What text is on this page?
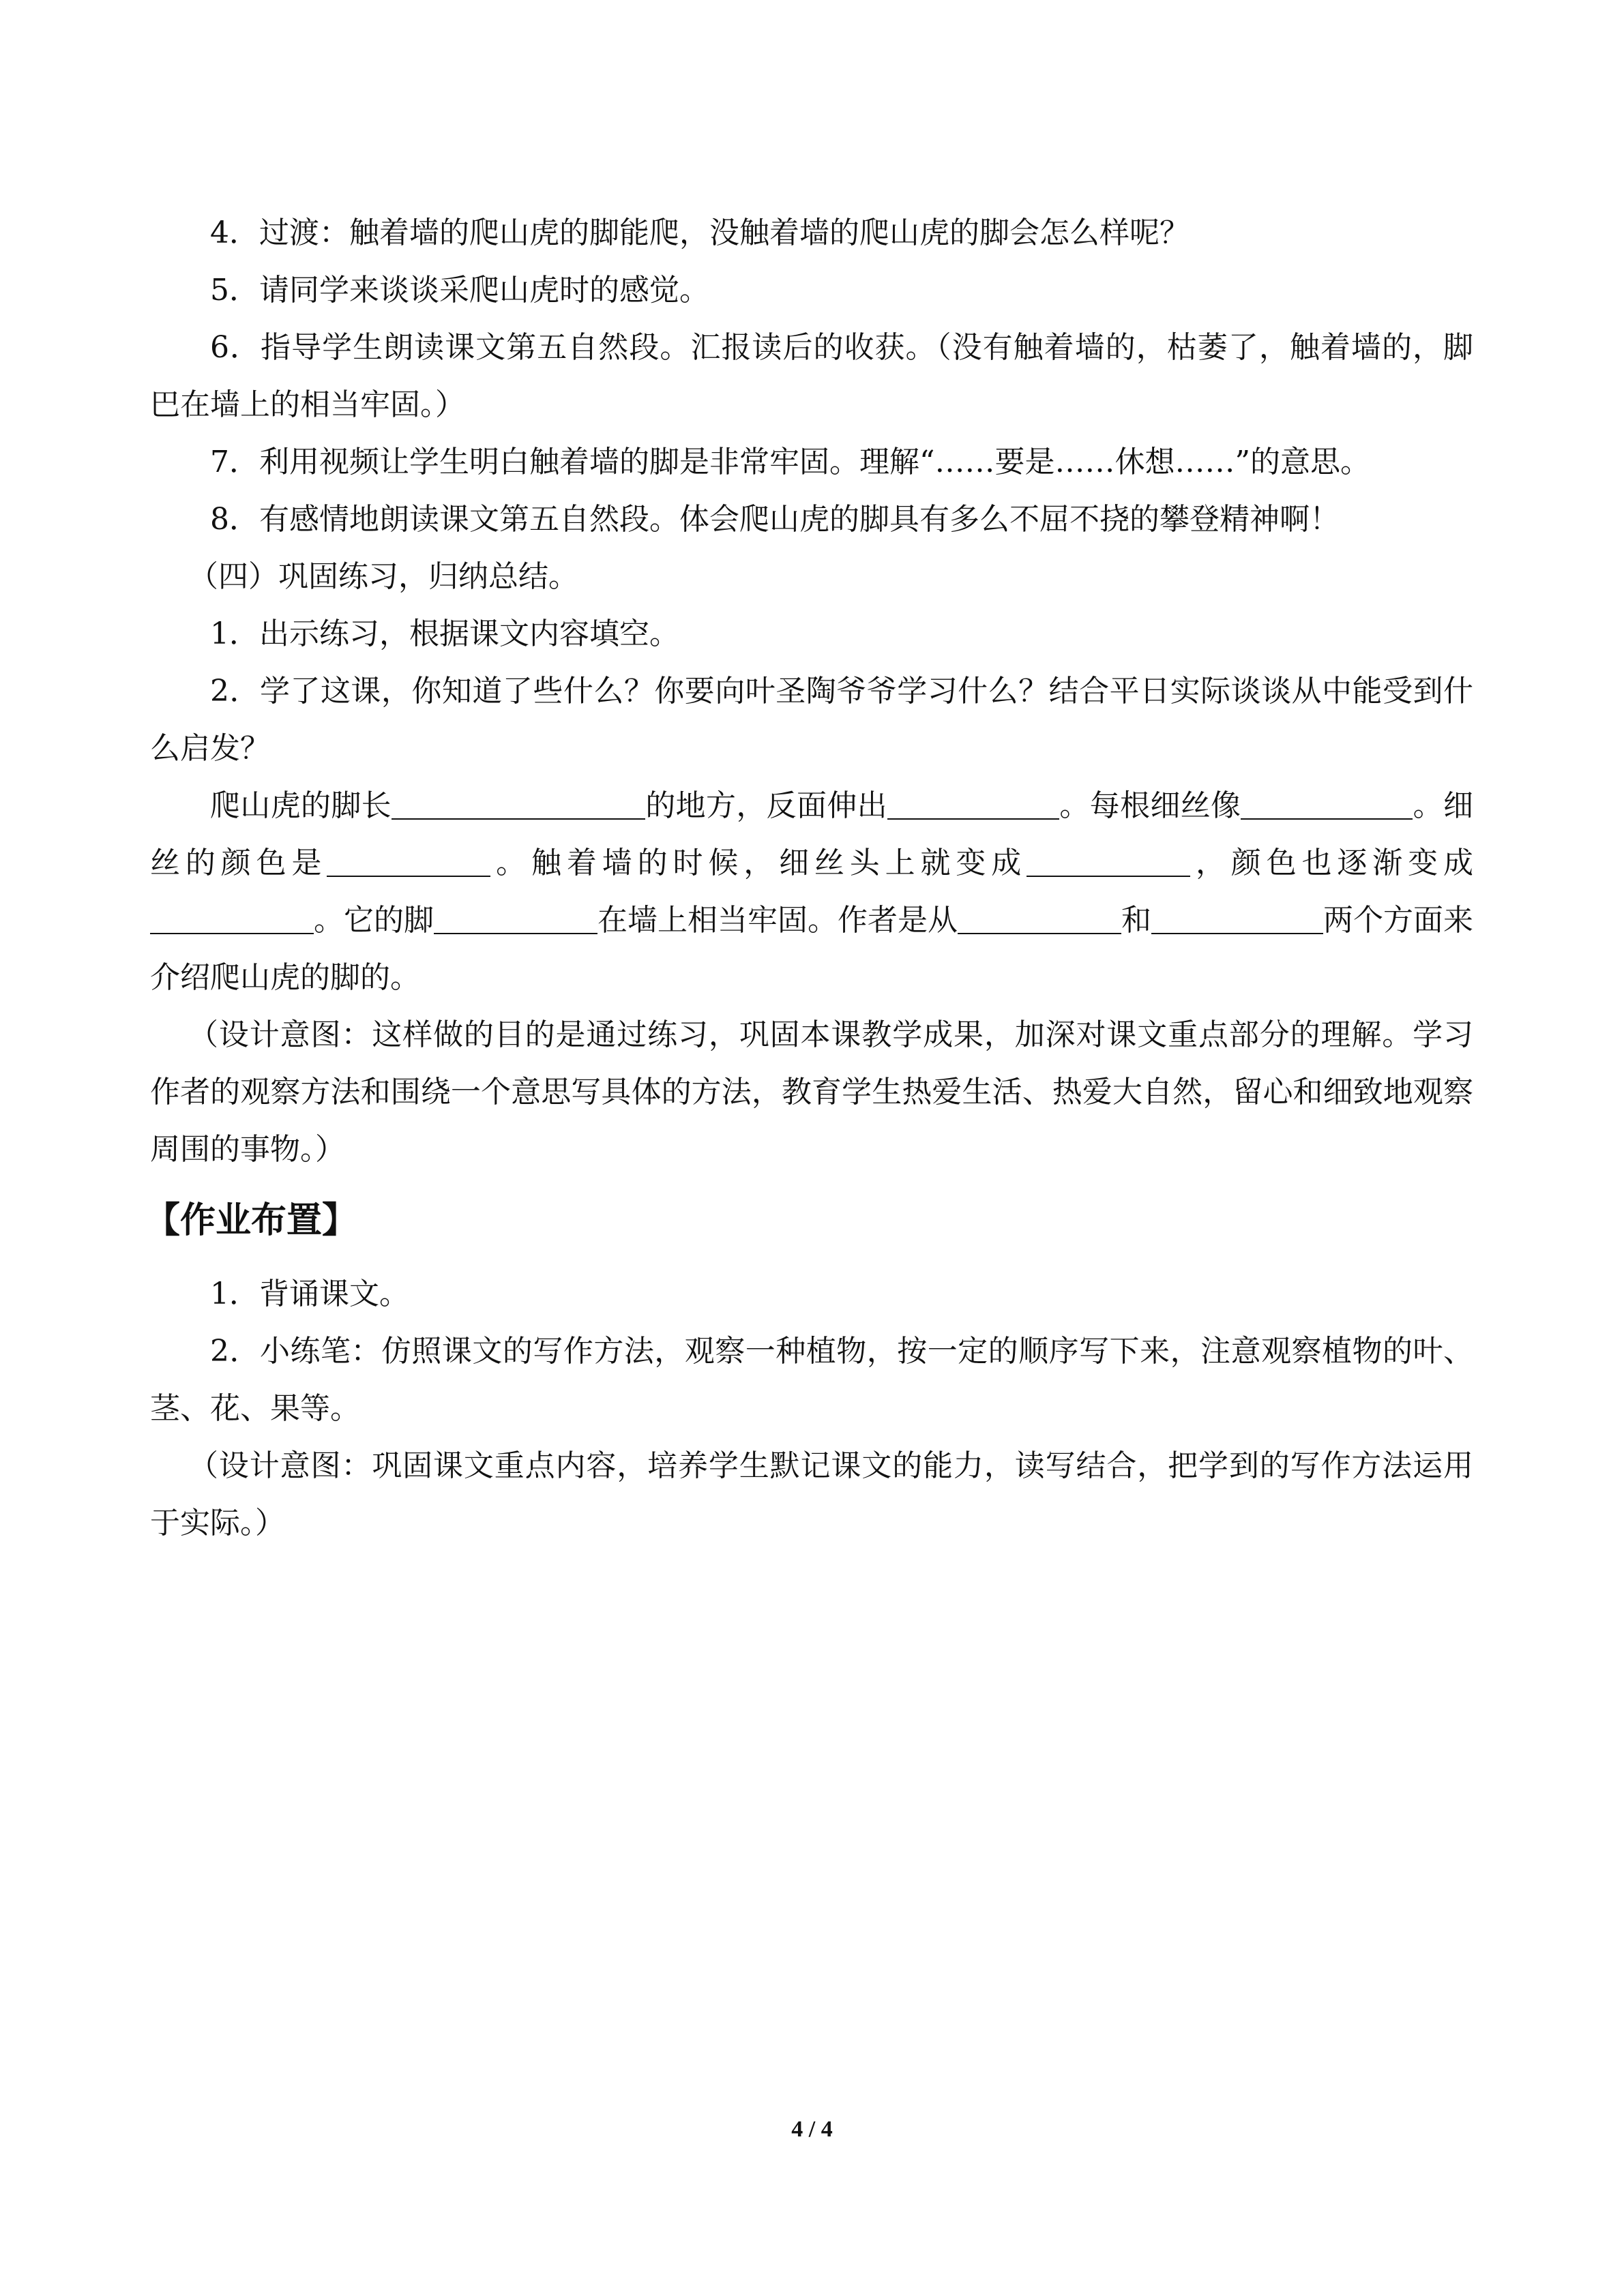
4．过渡：触着墙的爬山虎的脚能爬，没触着墙的爬山虎的脚会怎么样呢？

5．请同学来谈谈采爬山虎时的感觉。

6．指导学生朗读课文第五自然段。汇报读后的收获。（没有触着墙的，枯萎了，触着墙的，脚巴在墙上的相当牢固。）

7．利用视频让学生明白触着墙的脚是非常牢固。理解“……要是……休想……”的意思。

8．有感情地朗读课文第五自然段。体会爬山虎的脚具有多么不屈不挠的攀登精神啊！

（四）巩固练习，归纳总结。

1．出示练习，根据课文内容填空。

2．学了这课，你知道了些什么？你要向叶圣陶爷爷学习什么？结合平日实际谈谈从中能受到什么启发？

爬山虎的脚长	的地方，反面伸出	。每根细丝像	。细丝的颜色是	。触着墙的时候，细丝头上就变成	，颜色也逐渐变成。它的脚	在墙上相当牢固。作者是从	和	两个方面来介绍爬山虎的脚的。

（设计意图：这样做的目的是通过练习，巩固本课教学成果，加深对课文重点部分的理解。学习作者的观察方法和围绕一个意思写具体的方法，教育学生热爱生活、热爱大自然，留心和细致地观察周围的事物。）

【作业布置】

1．背诵课文。

2．小练笔：仿照课文的写作方法，观察一种植物，按一定的顺序写下来，注意观察植物的叶、茎、花、果等。

（设计意图：巩固课文重点内容，培养学生默记课文的能力，读写结合，把学到的写作方法运用于实际。）

4 / 4
